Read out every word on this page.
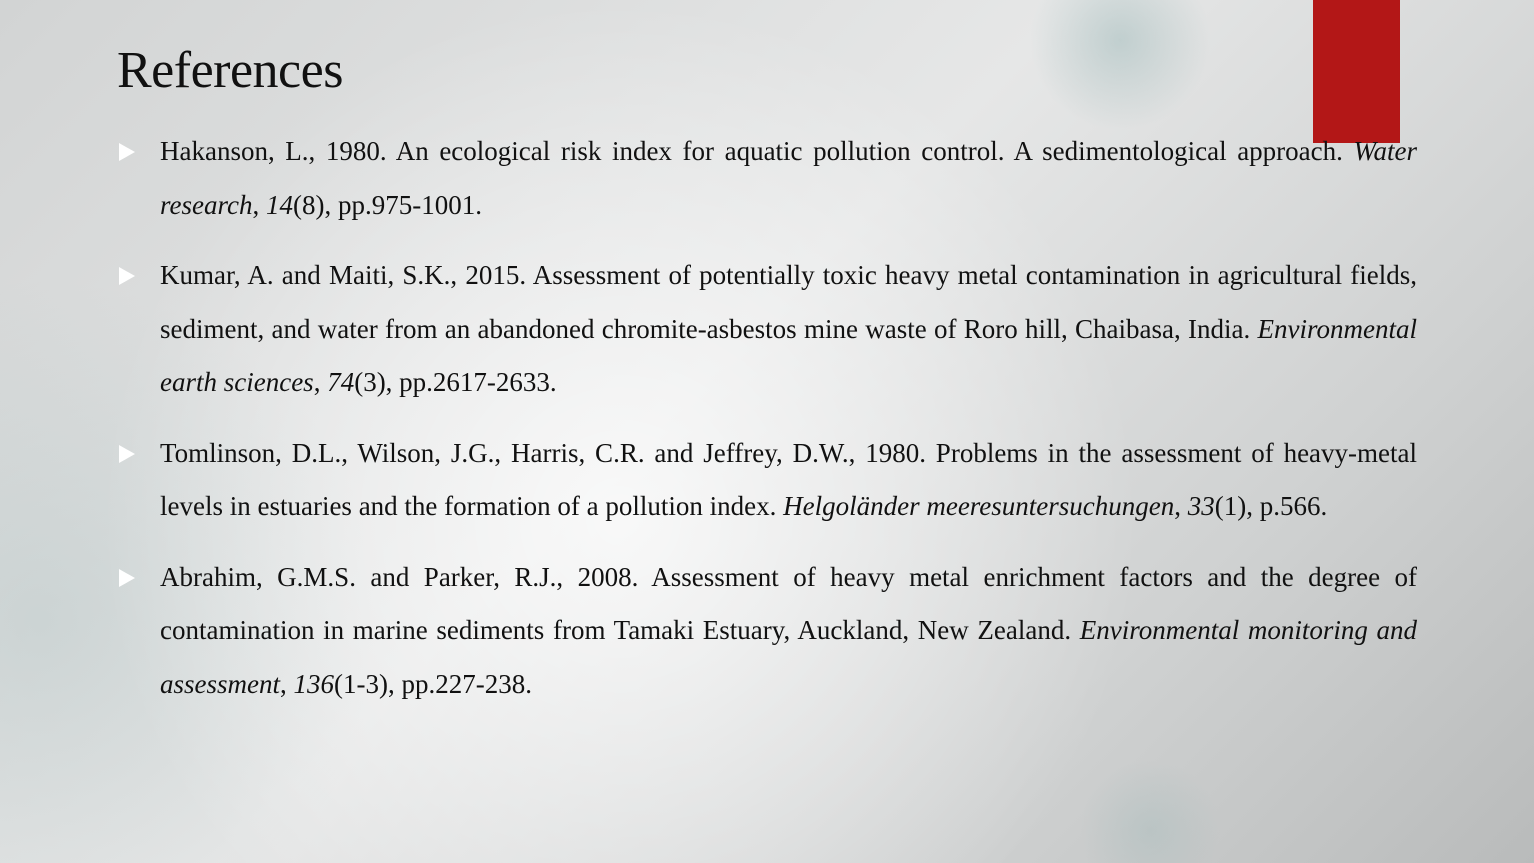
References
Hakanson, L., 1980. An ecological risk index for aquatic pollution control. A sedimentological approach. Water research, 14(8), pp.975-1001.
Kumar, A. and Maiti, S.K., 2015. Assessment of potentially toxic heavy metal contamination in agricultural fields, sediment, and water from an abandoned chromite-asbestos mine waste of Roro hill, Chaibasa, India. Environmental earth sciences, 74(3), pp.2617-2633.
Tomlinson, D.L., Wilson, J.G., Harris, C.R. and Jeffrey, D.W., 1980. Problems in the assessment of heavy-metal levels in estuaries and the formation of a pollution index. Helgoländer meeresuntersuchungen, 33(1), p.566.
Abrahim, G.M.S. and Parker, R.J., 2008. Assessment of heavy metal enrichment factors and the degree of contamination in marine sediments from Tamaki Estuary, Auckland, New Zealand. Environmental monitoring and assessment, 136(1-3), pp.227-238.
